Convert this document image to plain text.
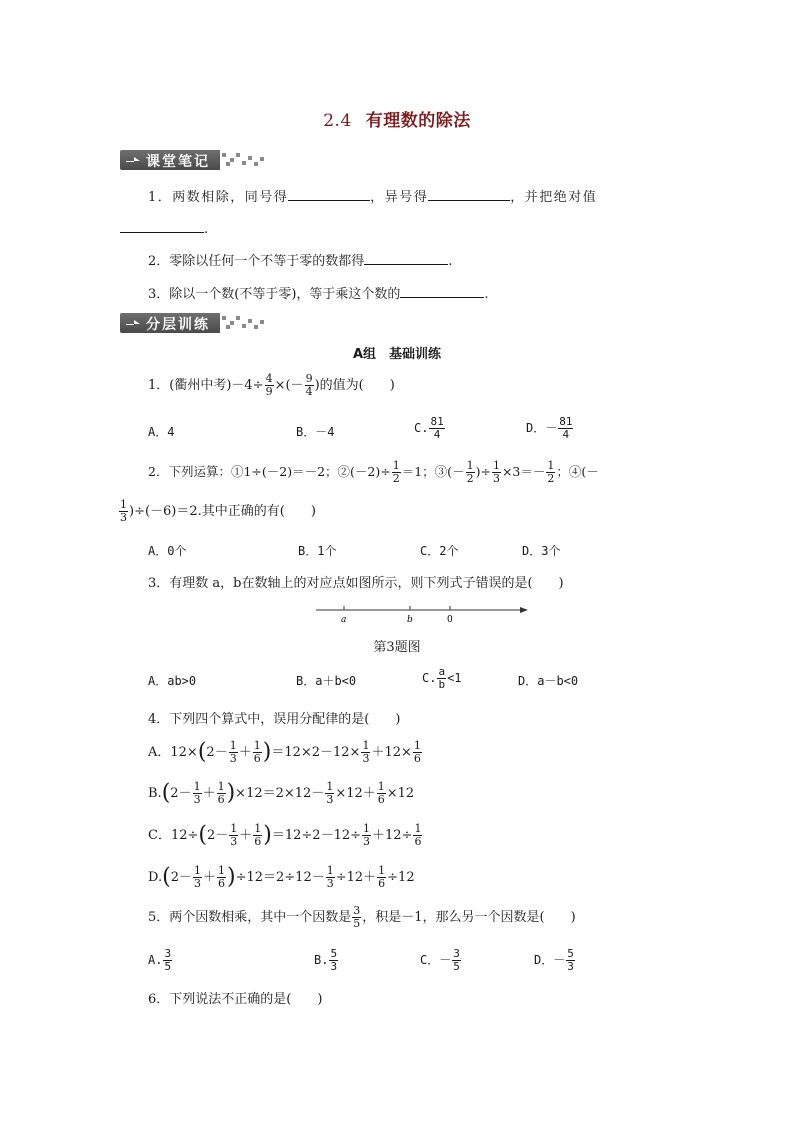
2.4 有理数的除法
课堂笔记
1．两数相除，同号得	，异号得	，并把绝对值
.
2．零除以任何一个不等于零的数都得	.
3．除以一个数(不等于零)，等于乘这个数的	.
分层训练
A组　基础训练
1．(衢州中考)$-4\div \frac{4}{9}$ ×(－ $\frac{9}{4}$ )的值为(　　)
A．4	B．－4	C. $\frac{81}{4}$	D．－ $\frac{81}{4}$
2．下列运算：①1÷(－2)＝－2；②(－2)÷ $\frac{1}{2} =1$；③(－ $\frac{1}{2}$ )÷ $\frac{1}{3} \times 3=- \frac{1}{2}$ ；④(－
$\frac{1}{3} )\div(-6)=2$.其中正确的有(　　)
A．0个	B．1个	C．2个	D．3个
3．有理数 a，b在数轴上的对应点如图所示，则下列式子错误的是(　　)
a	b	0
第3题图
A．ab>0	B．a＋b<0	C. $\frac{a}{b} <1$	D．a－b<0
4．下列四个算式中，误用分配律的是(　　)
A．$12\times(2- \frac{1}{3} + \frac{1}{6} )=12\times 2-12\times \frac{1}{3} +12\times \frac{1}{6}$
$B.(2- \frac{1}{3} + \frac{1}{6} )\times 12=2\times 12- \frac{1}{3} \times 12+ \frac{1}{6} \times 12$
C．$12\div(2- \frac{1}{3} + \frac{1}{6} )=12\div 2-12\div \frac{1}{3} +12\div \frac{1}{6}$
$D.(2- \frac{1}{3} + \frac{1}{6} )\div 12=2\div 12- \frac{1}{3} \div 12+ \frac{1}{6} \div 12$
5．两个因数相乘，其中一个因数是 $\frac{3}{5}$ ，积是－1，那么另一个因数是(　　)
A. $\frac{3}{5}$	B. $\frac{5}{3}$	C．－ $\frac{3}{5}$	D．－ $\frac{5}{3}$
6．下列说法不正确的是(　　)
